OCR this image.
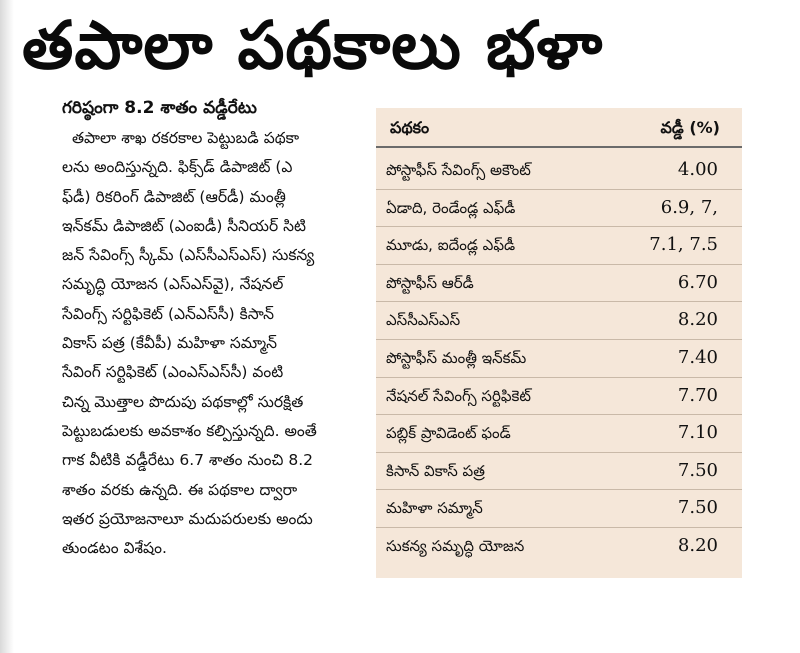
తపాలా పథకాలు భళా
గరిష్ఠంగా 8.2 శాతం వడ్డీరేటు
తపాలా శాఖ రకరకాల పెట్టుబడి పథకా
లను అందిస్తున్నది. ఫిక్స్‌డ్ డిపాజిట్ (ఎ
ఫ్‌డీ) రికరింగ్ డిపాజిట్ (ఆర్‌డీ) మంత్లీ
ఇన్‌కమ్ డిపాజిట్ (ఎంఐడీ) సీనియర్ సిటి
జన్ సేవింగ్స్ స్కీమ్ (ఎస్‌సీఎస్‌ఎస్) సుకన్య
సమృద్ధి యోజన (ఎస్‌ఎస్‌వై), నేషనల్
సేవింగ్స్ సర్టిఫికెట్ (ఎన్‌ఎస్‌సీ) కిసాన్
వికాస్ పత్ర (కేవీపీ) మహిళా సమ్మాన్
సేవింగ్ సర్టిఫికెట్ (ఎంఎస్‌ఎస్‌సీ) వంటి
చిన్న మొత్తాల పొదుపు పథకాల్లో సురక్షిత
పెట్టుబడులకు అవకాశం కల్పిస్తున్నది. అంతే
గాక వీటికి వడ్డీరేటు 6.7 శాతం నుంచి 8.2
శాతం వరకు ఉన్నది. ఈ పథకాల ద్వారా
ఇతర ప్రయోజనాలూ మదుపరులకు అందు
తుండటం విశేషం.
పథకం	వడ్డీ (%)
పోస్టాఫీస్ సేవింగ్స్ అకౌంట్	4.00
ఏడాది, రెండేండ్ల ఎఫ్‌డీ	6.9, 7,
మూడు, ఐదేండ్ల ఎఫ్‌డీ	7.1, 7.5
పోస్టాఫీస్ ఆర్‌డీ	6.70
ఎస్‌సీఎస్‌ఎస్	8.20
పోస్టాఫీస్ మంత్లీ ఇన్‌కమ్	7.40
నేషనల్ సేవింగ్స్ సర్టిఫికెట్	7.70
పబ్లిక్ ప్రావిడెంట్ ఫండ్	7.10
కిసాన్ వికాస్ పత్ర	7.50
మహిళా సమ్మాన్	7.50
సుకన్య సమృద్ధి యోజన	8.20
